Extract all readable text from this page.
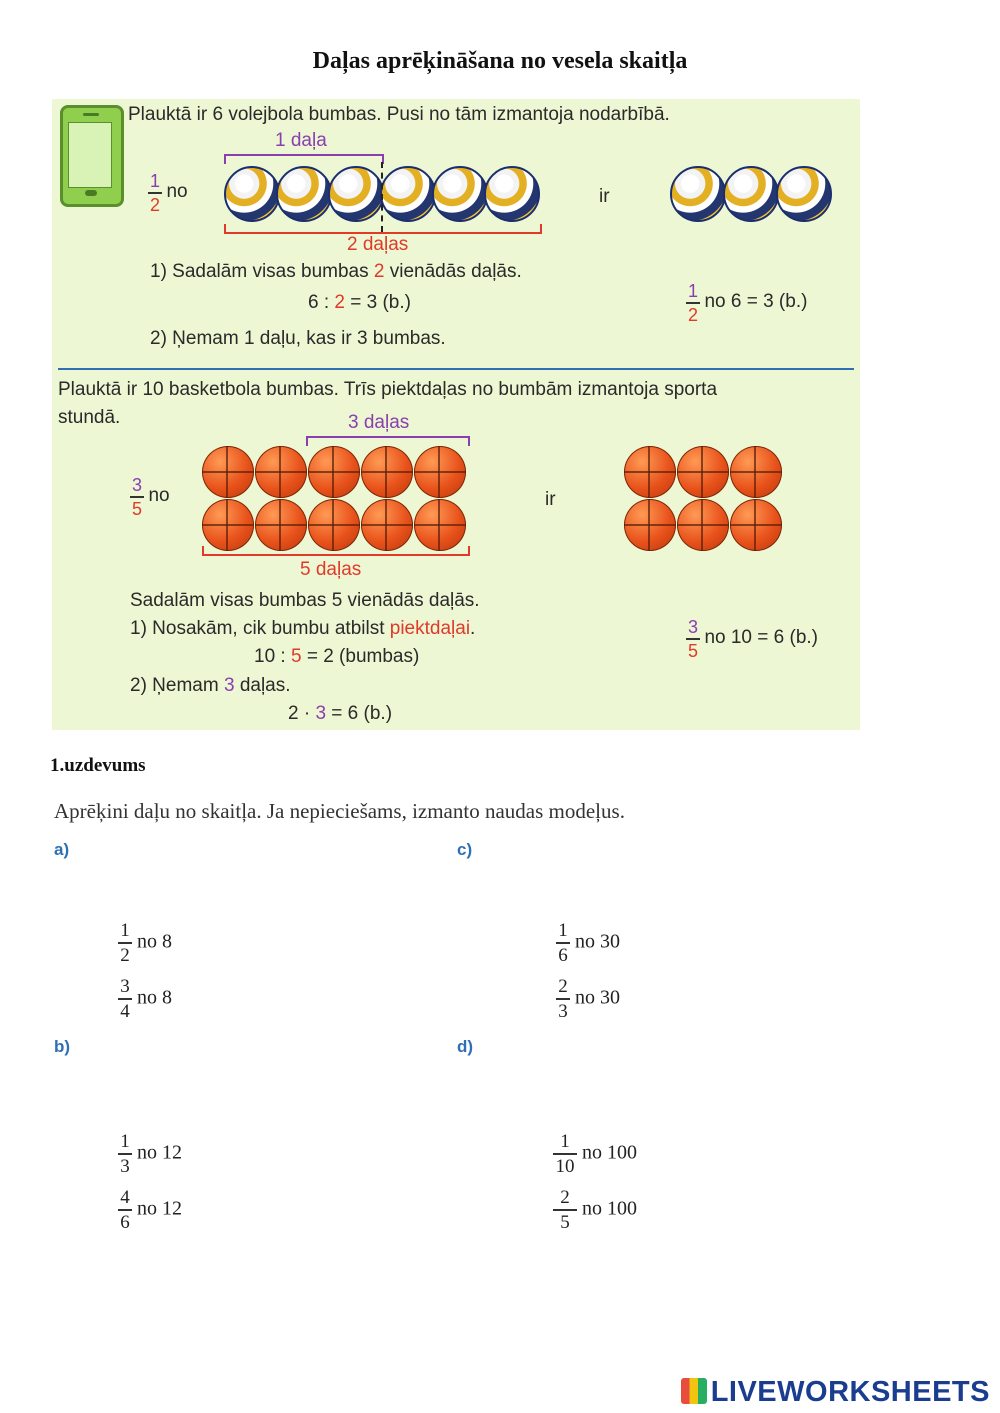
Daļas aprēķināšana no vesela skaitļa
Plauktā ir 6 volejbola bumbas. Pusi no tām izmantoja nodarbībā.
$\frac{1}{2}$ no
1 daļa
2 daļas
ir
1) Sadalām visas bumbas 2 vienādās daļās.
6 : 2 = 3 (b.)
2) Ņemam 1 daļu, kas ir 3 bumbas.
$\frac{1}{2}$ no 6 = 3 (b.)
Plauktā ir 10 basketbola bumbas. Trīs piektdaļas no bumbām izmantoja sporta
stundā.	3 daļas
$\frac{3}{5}$ no
5 daļas
ir
Sadalām visas bumbas 5 vienādās daļās.
1) Nosakām, cik bumbu atbilst piektdaļai.
10 : 5 = 2 (bumbas)
2) Ņemam 3 daļas.
2 · 3 = 6 (b.)
$\frac{3}{5}$ no 10 = 6 (b.)
1.uzdevums
Aprēķini daļu no skaitļa. Ja nepieciešams, izmanto naudas modeļus.
a)
b)
c)
d)
$\frac{1}{2}$ no 8
$\frac{3}{4}$ no 8
$\frac{1}{3}$ no 12
$\frac{4}{6}$ no 12
$\frac{1}{6}$ no 30
$\frac{2}{3}$ no 30
$\frac{1}{10}$ no 100
$\frac{2}{5}$ no 100
LIVEWORKSHEETS
